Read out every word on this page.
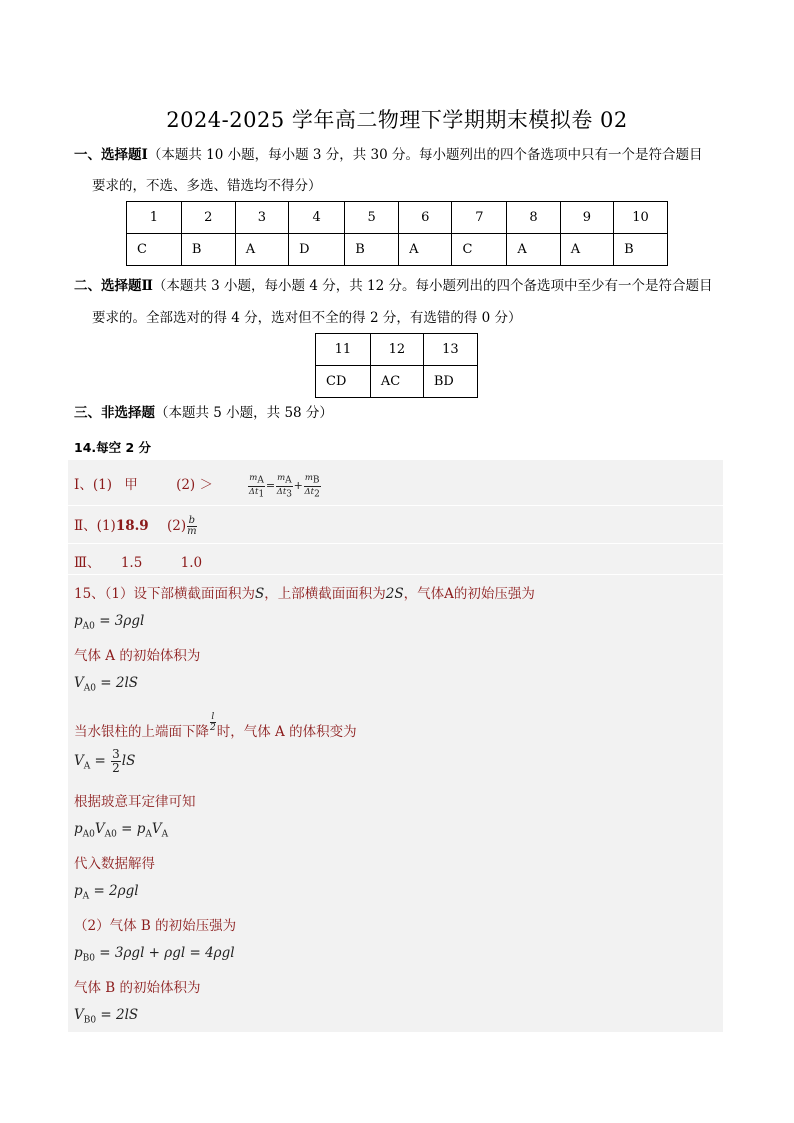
2024-2025 学年高二物理下学期期末模拟卷 02
一、选择题Ⅰ（本题共 10 小题，每小题 3 分，共 30 分。每小题列出的四个备选项中只有一个是符合题目
要求的，不选、多选、错选均不得分）
1	2	3	4	5	6	7	8	9	10
C	B	A	D	B	A	C	A	A	B
二、选择题Ⅱ（本题共 3 小题，每小题 4 分，共 12 分。每小题列出的四个备选项中至少有一个是符合题目
要求的。全部选对的得 4 分，选对但不全的得 2 分，有选错的得 0 分）
11	12	13
CD	AC	BD
三、非选择题（本题共 5 小题，共 58 分）
14.每空 2 分
Ⅰ、(1) 甲	(2) ＞	$\frac{m_A}{\Delta t_1} = \frac{m_A}{\Delta t_3} + \frac{m_B}{\Delta t_2}$
Ⅱ、(1)18.9 $(2) \frac{b}{m}$
Ⅲ、 1.5	1.0
15、（1）设下部横截面面积为S，上部横截面面积为2S，气体A的初始压强为
$p_{A0} = 3\rho gl$
气体 A 的初始体积为
$V_{A0} = 2lS$
当水银柱的上端面下降 $\frac{l}{2}$ 时，气体 A 的体积变为
$V_A = \frac{3}{2}$ lS
根据玻意耳定律可知
$p_{A0}V_{A0} = p_AV_A$
代入数据解得
$p_A = 2\rho gl$
（2）气体 B 的初始压强为
$p_{B0} = 3\rho gl + \rho gl = 4\rho gl$
气体 B 的初始体积为
$V_{B0} = 2lS$
